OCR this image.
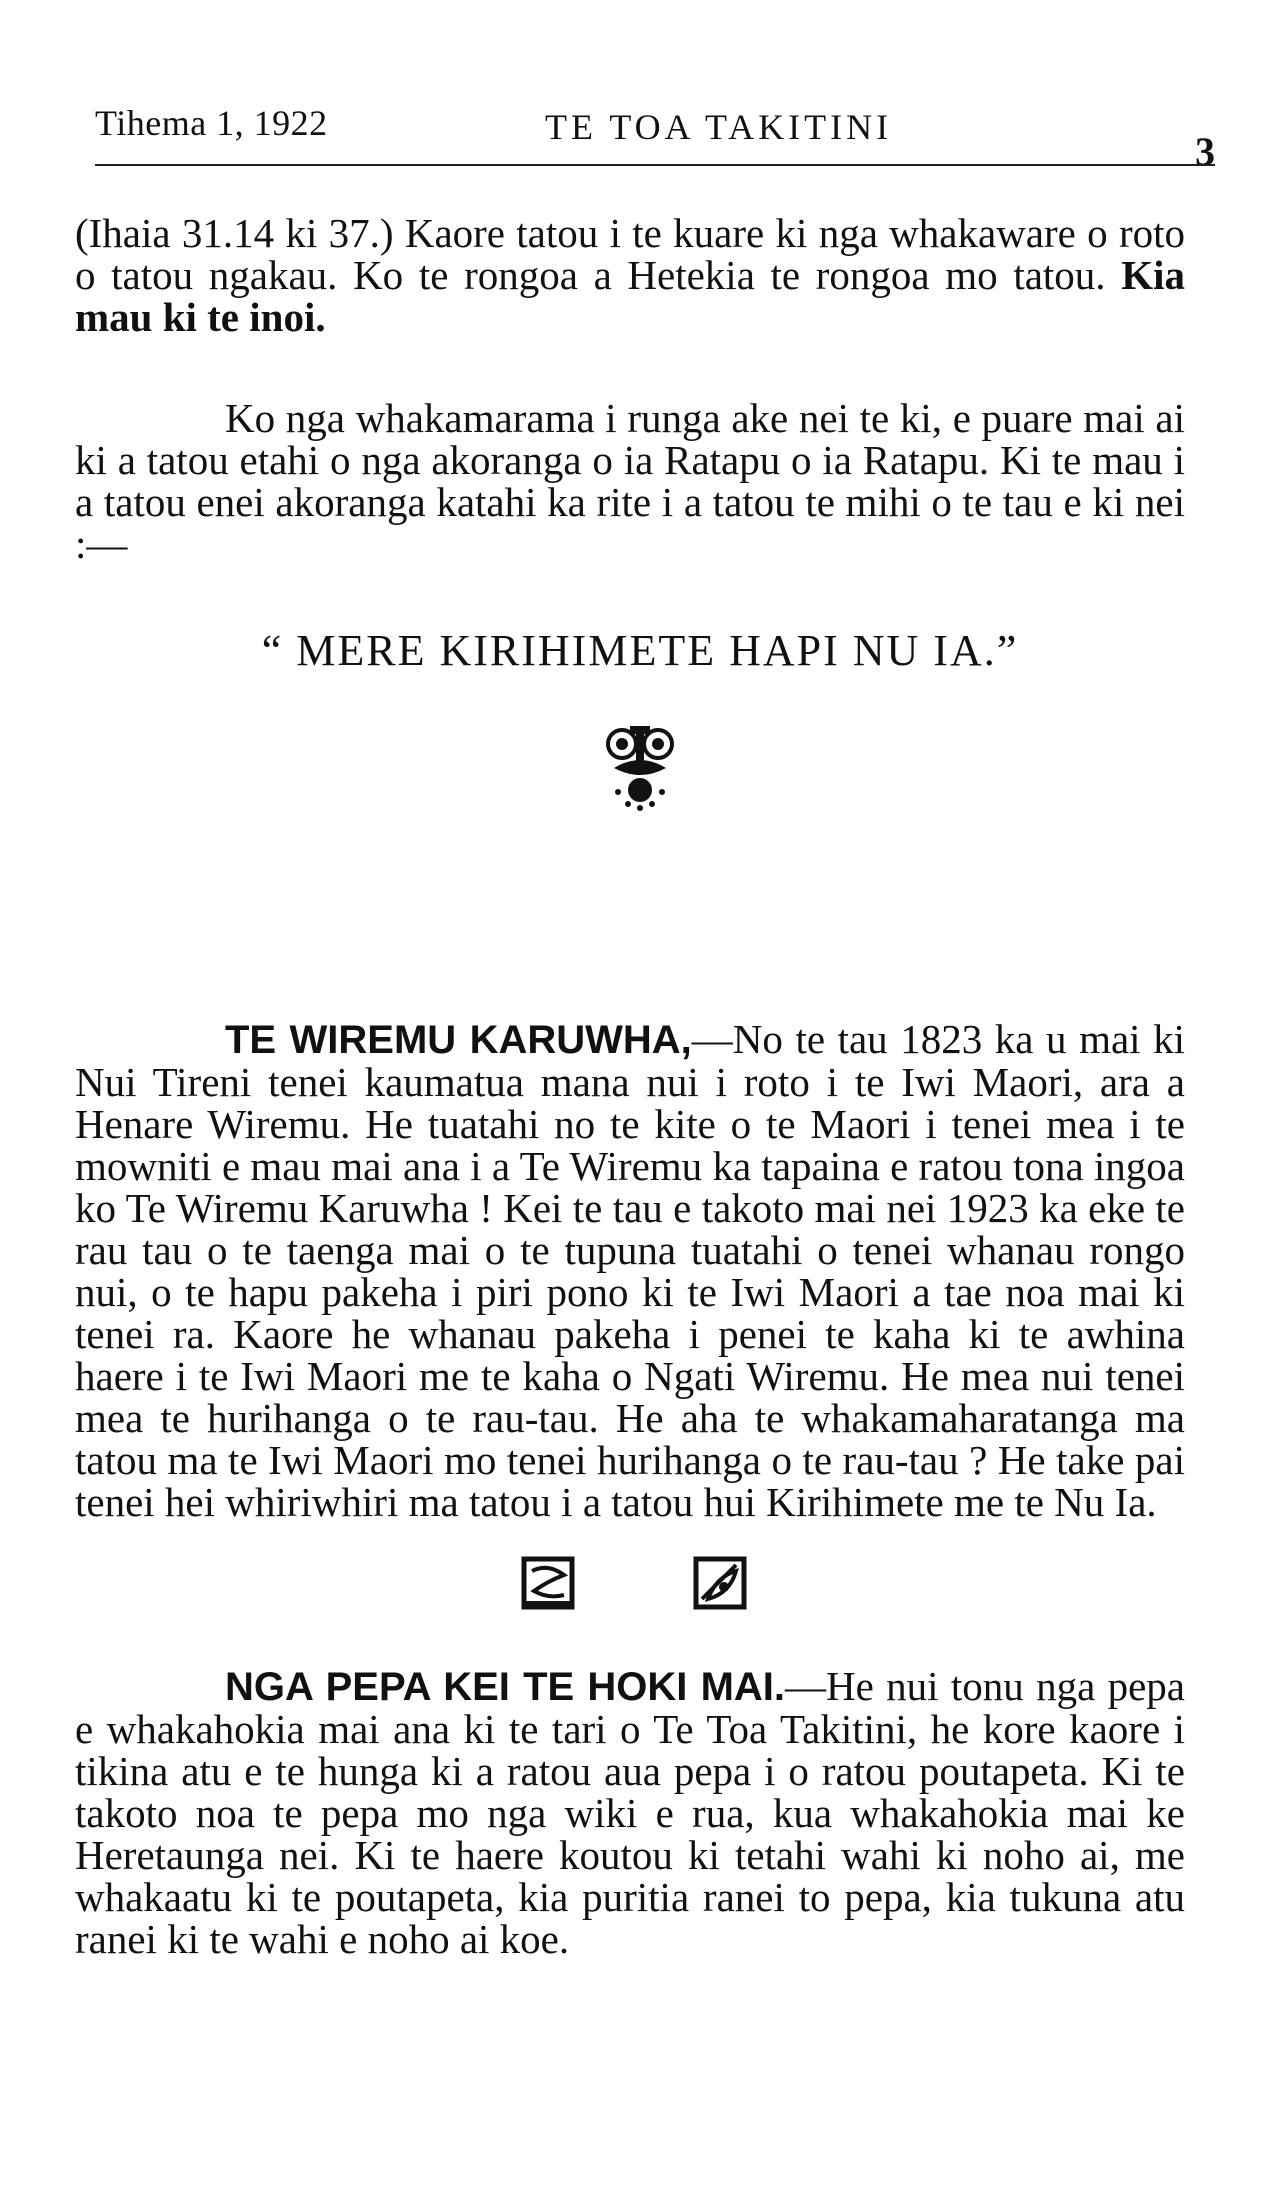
Tihema 1, 1922	TE TOA TAKITINI
3

(Ihaia 31.14 ki 37.) Kaore tatou i te kuare ki nga whakaware o roto o tatou ngakau. Ko te rongoa a Hetekia te rongoa mo tatou. Kia mau ki te inoi.

Ko nga whakamarama i runga ake nei te ki, e puare mai ai ki a tatou etahi o nga akoranga o ia Ratapu o ia Ratapu. Ki te mau i a tatou enei akoranga katahi ka rite i a tatou te mihi o te tau e ki nei :—

“ MERE KIRIHIMETE HAPI NU IA.”

TE WIREMU KARUWHA,—No te tau 1823 ka u mai ki Nui Tireni tenei kaumatua mana nui i roto i te Iwi Maori, ara a Henare Wiremu. He tuatahi no te kite o te Maori i tenei mea i te mowniti e mau mai ana i a Te Wiremu ka tapaina e ratou tona ingoa ko Te Wiremu Karuwha ! Kei te tau e takoto mai nei 1923 ka eke te rau tau o te taenga mai o te tupuna tuatahi o tenei whanau rongo nui, o te hapu pakeha i piri pono ki te Iwi Maori a tae noa mai ki tenei ra. Kaore he whanau pakeha i penei te kaha ki te awhina haere i te Iwi Maori me te kaha o Ngati Wiremu. He mea nui tenei mea te hurihanga o te rau-tau. He aha te whakamaharatanga ma tatou ma te Iwi Maori mo tenei hurihanga o te rau-tau ? He take pai tenei hei whiriwhiri ma tatou i a tatou hui Kirihimete me te Nu Ia.

NGA PEPA KEI TE HOKI MAI.—He nui tonu nga pepa e whakahokia mai ana ki te tari o Te Toa Takitini, he kore kaore i tikina atu e te hunga ki a ratou aua pepa i o ratou poutapeta. Ki te takoto noa te pepa mo nga wiki e rua, kua whakahokia mai ke Heretaunga nei. Ki te haere koutou ki tetahi wahi ki noho ai, me whakaatu ki te poutapeta, kia puritia ranei to pepa, kia tukuna atu ranei ki te wahi e noho ai koe.
